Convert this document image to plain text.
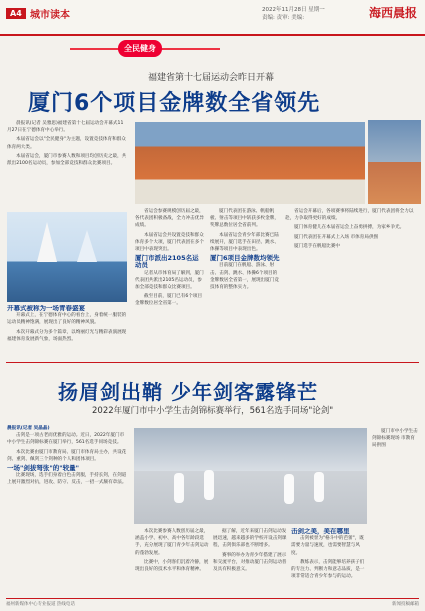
A4 城市读本	2022年11月28日 星期一
责编: 责审: 美编:	海西晨报
全民健身
福建省第十七届运动会昨日开幕
厦门6个项目金牌数全省领先

晨报讯(记者 吴雅思)福建省第十七届运动会开幕式11月27日在宁德体育中心举行。

本届省运会以"全民健身"为主题，设置竞技体育和群众体育两大类。

本届省运会，厦门市参赛人数和项目均创历史之最，共派出2100名运动员，参加全部竞技和群众比赛项目。

开幕式被称为一场青春盛宴

开幕式上，在宁德体育中心的看台上，身着统一服装的运动员精神饱满，展现出了良好的精神风貌。

本次开幕式分为多个篇章，以绚丽灯光与精彩表演展现福建体育发展新气象，场面热烈。

省运会参赛规模创历届之最，各代表团积极备战，全力冲击优异成绩。

本届省运会共设置竞技和群众体育多个大项，厦门代表团在多个项目中表现突出。

厦门市派出2105名运动员

记者从市体育局了解到，厦门代表团共派出2105名运动员，参加全部竞技和群众比赛项目。

截至目前，厦门已有6个项目金牌数位居全省第一。

厦门代表团在游泳、帆船帆板、射击等项目中斩获多枚金牌，奖牌总数位居全省前列。

本届省运会青少年部比赛已陆续展开，厦门选手在田径、跳水、体操等项目中表现出色。

厦门6项目金牌数均领先

目前厦门在帆船、游泳、射击、击剑、跳水、体操6个项目的金牌数居全省第一，展现出厦门竞技体育的整体实力。

省运会开幕后，各项赛事将陆续进行，厦门代表团将全力以赴，力争取得更好的成绩。

厦门体育健儿在本届省运会上奋勇拼搏，为家乡争光。

厦门代表团在开幕式上入场 市体育局供图

厦门选手在帆船比赛中

扬眉剑出鞘 少年剑客露锋芒
2022年厦门市中小学生击剑锦标赛举行，561名选手同场"论剑"
晨报讯(记者 吴晶晶)

击剑是一项古老而优雅的运动。近日，2022年厦门市中小学生击剑锦标赛在厦门举行，561名选手同场竞技。

本次比赛由厦门市教育局、厦门市体育局主办，共设花剑、重剑、佩剑三个剑种的个人和团体项目。

一场"剑拔弩张"的"较量"

比赛现场，选手们身着白色击剑服，手持长剑，在剑道上展开激烈对抗，进攻、防守、反击，一招一式颇有章法。

本次比赛参赛人数创历届之最，涵盖小学、初中、高中各年龄段选手，充分展现了厦门青少年击剑运动的蓬勃发展。

比赛中，小剑客们沉着冷静，展现出良好的技术水平和体育精神。

据了解，近年来厦门击剑运动发展迅速，越来越多的学校开设击剑课程，击剑俱乐部也不断增多。

赛事的举办为青少年搭建了展示和交流平台，对推动厦门击剑运动普及具有积极意义。

击剑之美，美在哪里

击剑被誉为"格斗中的芭蕾"，既需要力量与速度，也需要智慧与风度。

教练表示，击剑能够培养孩子们的专注力、判断力和意志品质，是一项非常适合青少年参与的运动。

厦门市中小学生击剑锦标赛现场 市教育局供图

福州新媒体中心专业报道 热线电话	新闻投稿邮箱
